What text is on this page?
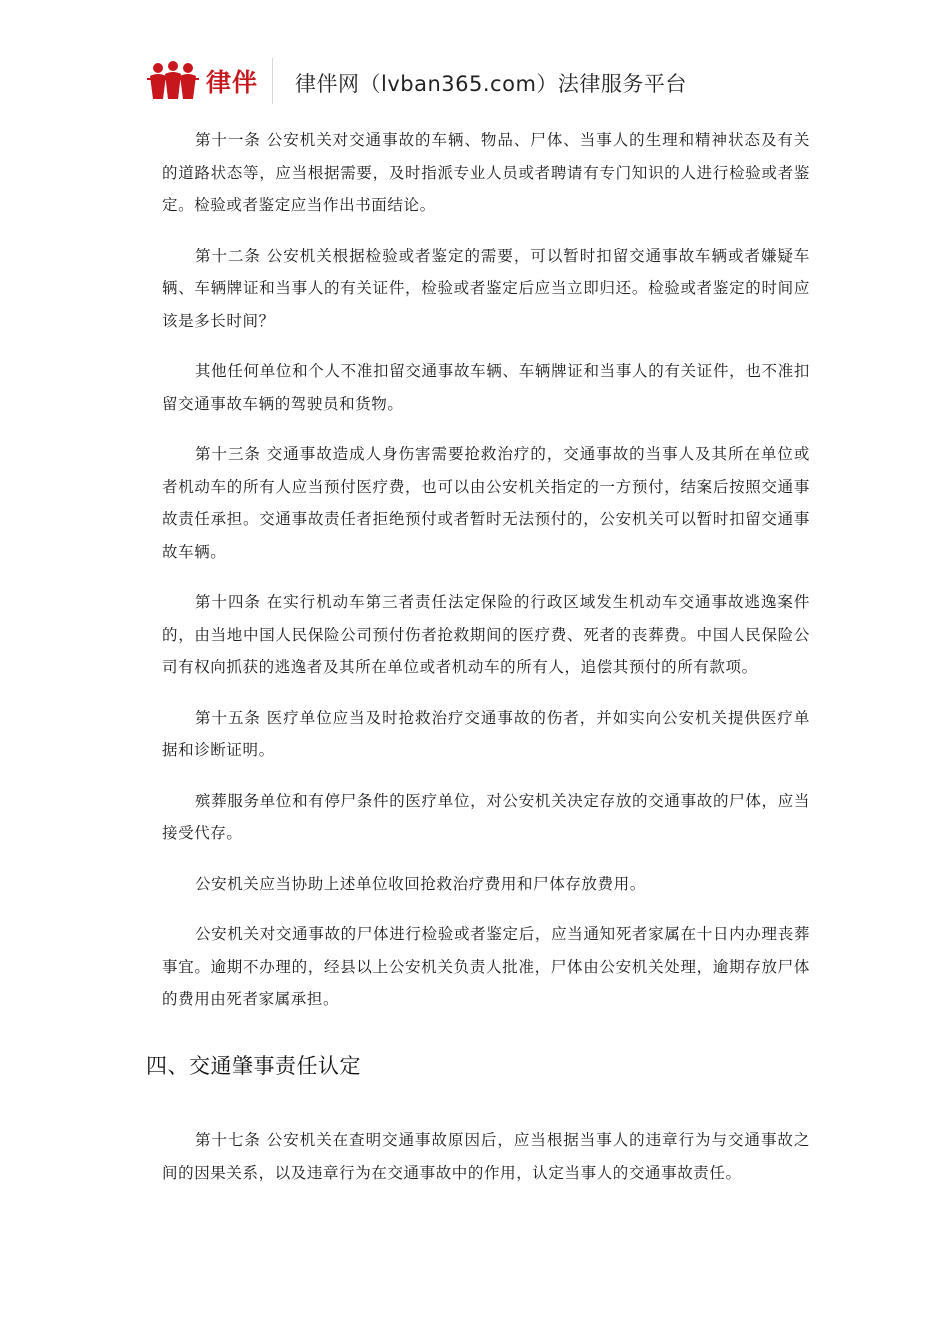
律伴 律伴网（lvban365.com）法律服务平台

第十一条 公安机关对交通事故的车辆、物品、尸体、当事人的生理和精神状态及有关的道路状态等，应当根据需要，及时指派专业人员或者聘请有专门知识的人进行检验或者鉴定。检验或者鉴定应当作出书面结论。

第十二条 公安机关根据检验或者鉴定的需要，可以暂时扣留交通事故车辆或者嫌疑车辆、车辆牌证和当事人的有关证件，检验或者鉴定后应当立即归还。检验或者鉴定的时间应该是多长时间？

其他任何单位和个人不准扣留交通事故车辆、车辆牌证和当事人的有关证件，也不准扣留交通事故车辆的驾驶员和货物。

第十三条 交通事故造成人身伤害需要抢救治疗的，交通事故的当事人及其所在单位或者机动车的所有人应当预付医疗费，也可以由公安机关指定的一方预付，结案后按照交通事故责任承担。交通事故责任者拒绝预付或者暂时无法预付的，公安机关可以暂时扣留交通事故车辆。

第十四条 在实行机动车第三者责任法定保险的行政区域发生机动车交通事故逃逸案件的，由当地中国人民保险公司预付伤者抢救期间的医疗费、死者的丧葬费。中国人民保险公司有权向抓获的逃逸者及其所在单位或者机动车的所有人，追偿其预付的所有款项。

第十五条 医疗单位应当及时抢救治疗交通事故的伤者，并如实向公安机关提供医疗单据和诊断证明。

殡葬服务单位和有停尸条件的医疗单位，对公安机关决定存放的交通事故的尸体，应当接受代存。

公安机关应当协助上述单位收回抢救治疗费用和尸体存放费用。

公安机关对交通事故的尸体进行检验或者鉴定后，应当通知死者家属在十日内办理丧葬事宜。逾期不办理的，经县以上公安机关负责人批准，尸体由公安机关处理，逾期存放尸体的费用由死者家属承担。

四、交通肇事责任认定

第十七条 公安机关在查明交通事故原因后，应当根据当事人的违章行为与交通事故之间的因果关系，以及违章行为在交通事故中的作用，认定当事人的交通事故责任。
